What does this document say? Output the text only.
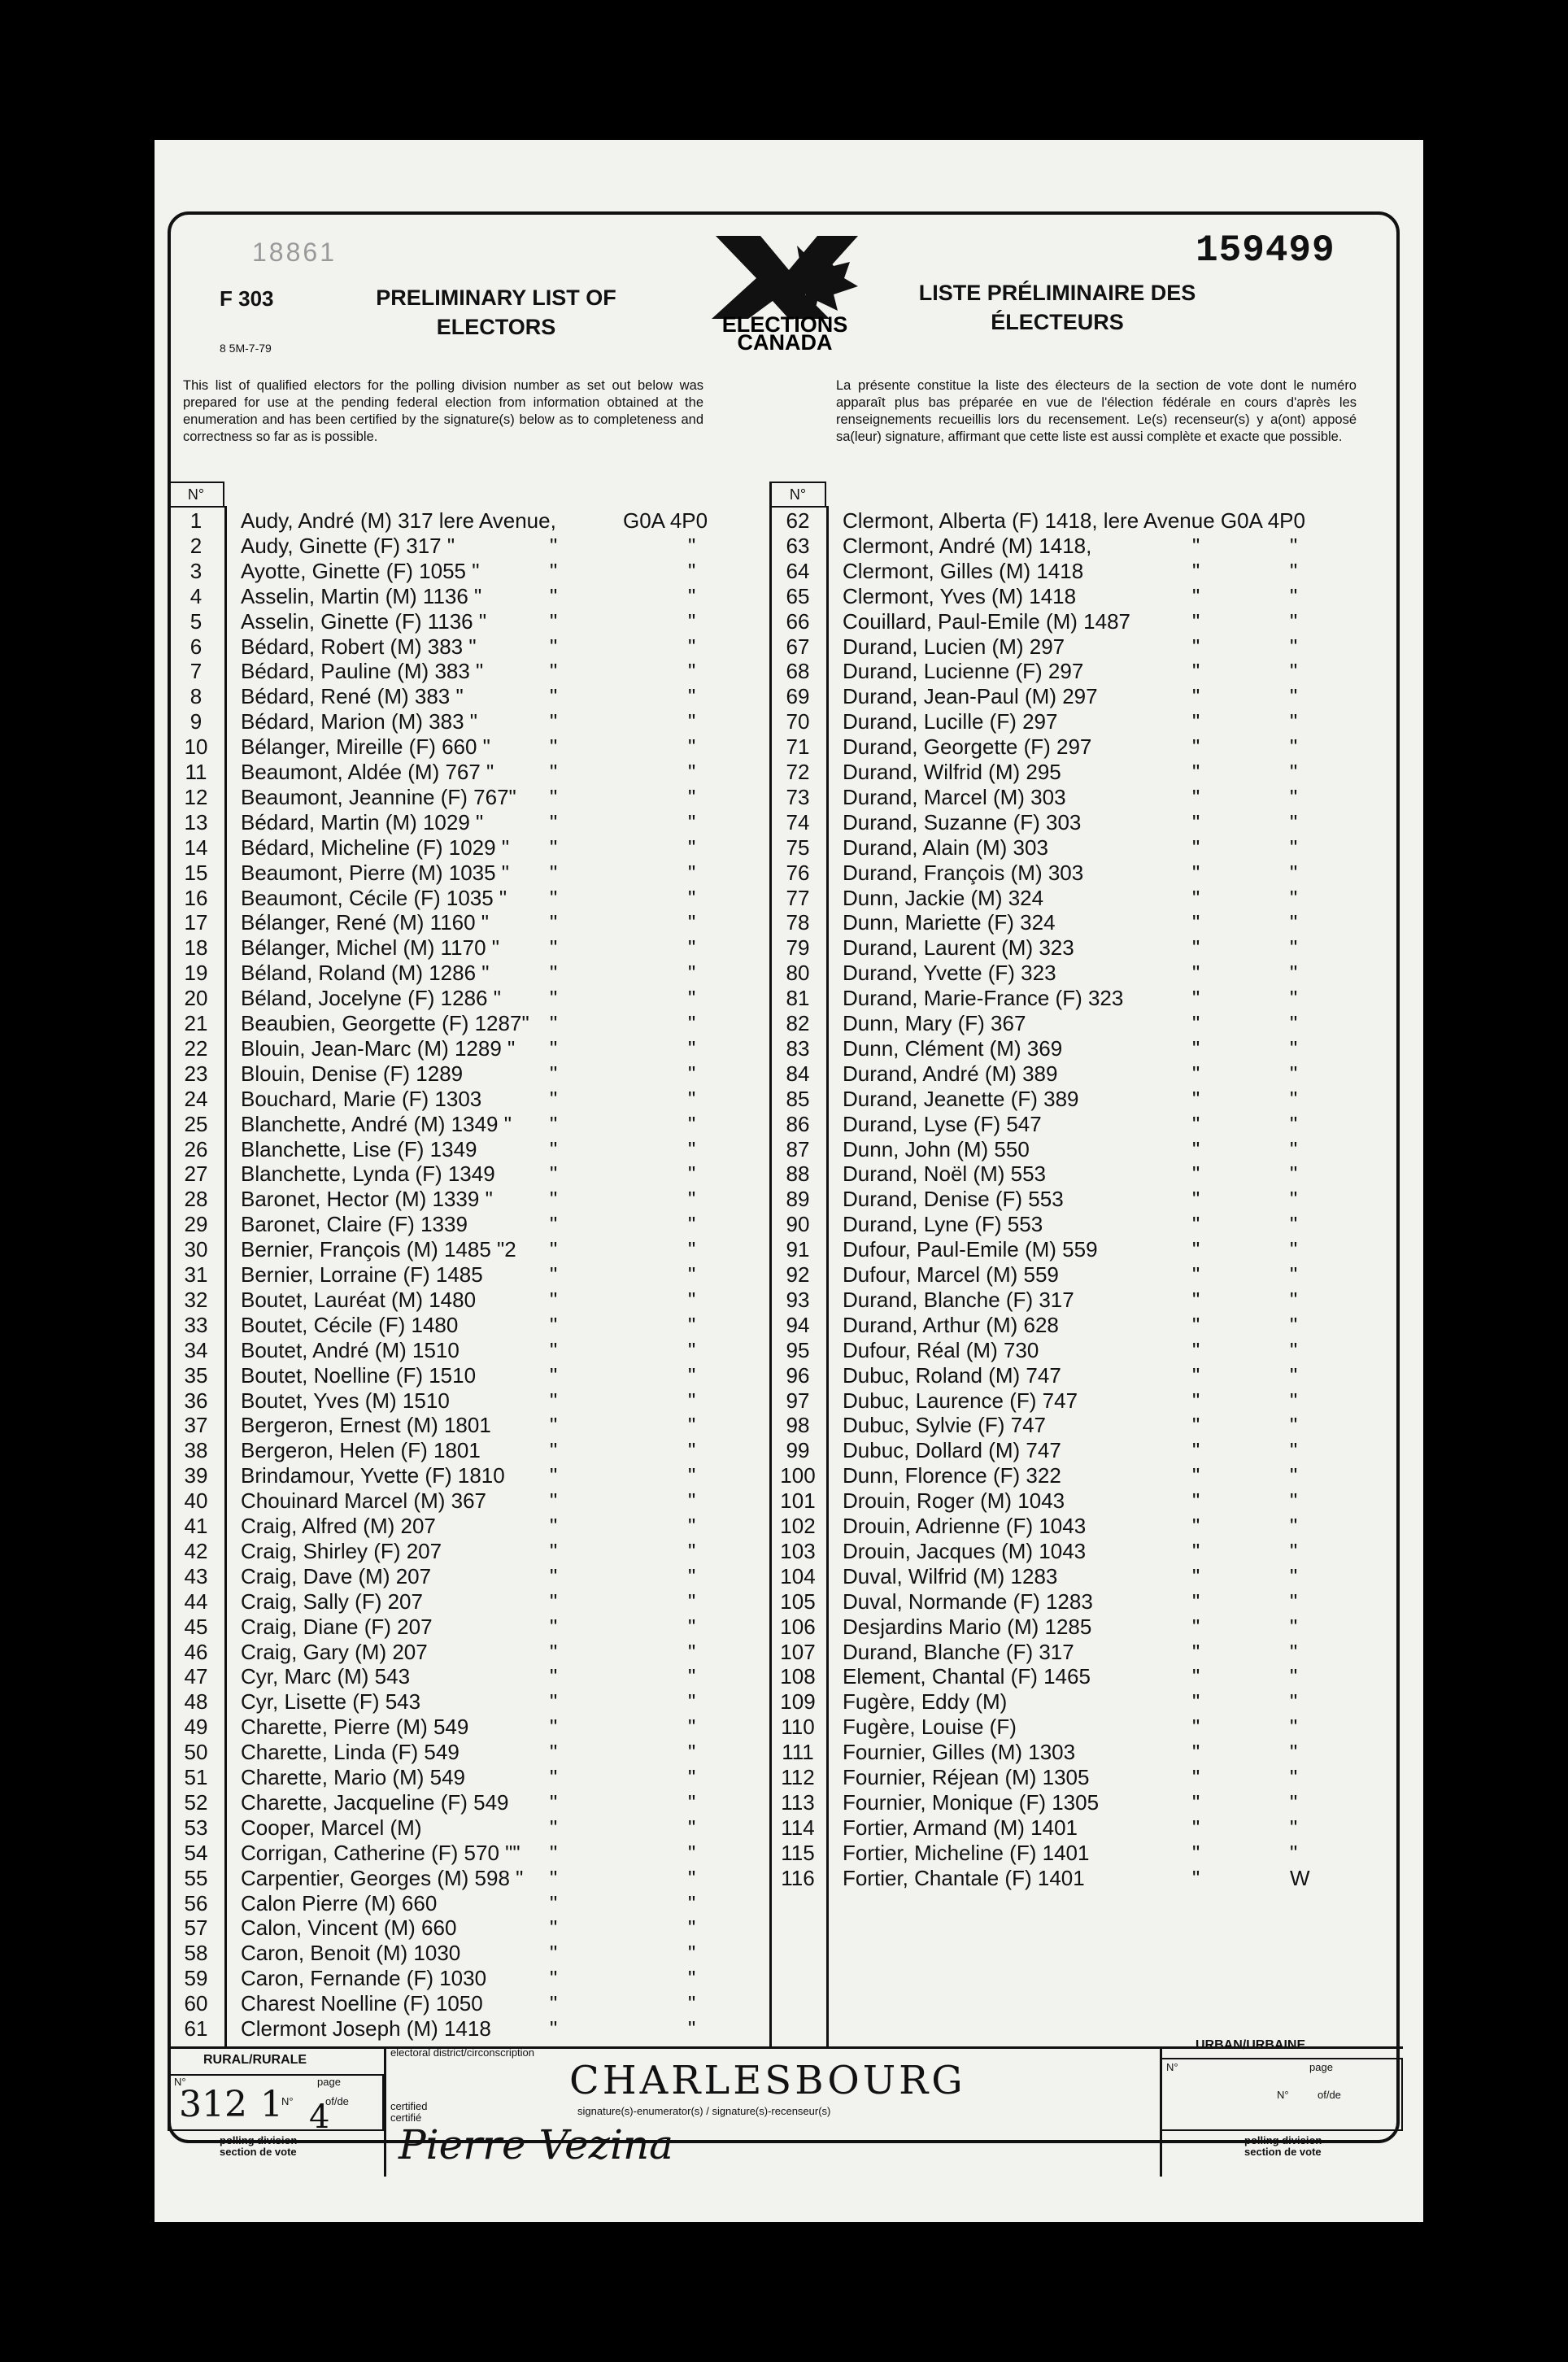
18861
F 303
8 5M-7-79
PRELIMINARY LIST OF ELECTORS
LISTE PRÉLIMINAIRE DES ÉLECTEURS
159499
ELECTIONS
CANADA
This list of qualified electors for the polling division number as set out below was prepared for use at the pending federal election from information obtained at the enumeration and has been certified by the signature(s) below as to completeness and correctness so far as is possible.
La présente constitue la liste des électeurs de la section de vote dont le numéro apparaît plus bas préparée en vue de l'élection fédérale en cours d'après les renseignements recueillis lors du recensement. Le(s) recenseur(s) y a(ont) apposé sa(leur) signature, affirmant que cette liste est aussi complète et exacte que possible.
N°	N°
1	Audy, André (M) 317 lere Avenue,	G0A 4P0
2	Audy, Ginette (F) 317 "	"	"
3	Ayotte, Ginette (F) 1055 "	"	"
4	Asselin, Martin (M) 1136 "	"	"
5	Asselin, Ginette (F) 1136 "	"	"
6	Bédard, Robert (M) 383 "	"	"
7	Bédard, Pauline (M) 383 "	"	"
8	Bédard, René (M) 383 "	"	"
9	Bédard, Marion (M) 383 "	"	"
10	Bélanger, Mireille (F) 660 "	"	"
11	Beaumont, Aldée (M) 767 "	"	"
12	Beaumont, Jeannine (F) 767" "	"
13	Bédard, Martin (M) 1029 "	"	"
14	Bédard, Micheline (F) 1029 " "	"
15	Beaumont, Pierre (M) 1035 " "	"
16	Beaumont, Cécile (F) 1035 " "	"
17	Bélanger, René (M) 1160 "	"	"
18	Bélanger, Michel (M) 1170 " "	"
19	Béland, Roland (M) 1286 "	"	"
20	Béland, Jocelyne (F) 1286 " "	"
21	Beaubien, Georgette (F) 1287" "	"
22	Blouin, Jean-Marc (M) 1289 " "	"
23	Blouin, Denise (F) 1289	"	"
24	Bouchard, Marie (F) 1303	"	"
25	Blanchette, André (M) 1349 " "	"
26	Blanchette, Lise (F) 1349	"	"
27	Blanchette, Lynda (F) 1349	"	"
28	Baronet, Hector (M) 1339 "	"	"
29	Baronet, Claire (F) 1339	"	"
30	Bernier, François (M) 1485 "2 "	"
31	Bernier, Lorraine (F) 1485	"	"
32	Boutet, Lauréat (M) 1480	"	"
33	Boutet, Cécile (F) 1480	"	"
34	Boutet, André (M) 1510	"	"
35	Boutet, Noelline (F) 1510	"	"
36	Boutet, Yves (M) 1510	"	"
37	Bergeron, Ernest (M) 1801	"	"
38	Bergeron, Helen (F) 1801	"	"
39	Brindamour, Yvette (F) 1810 "	"
40	Chouinard Marcel (M) 367	"	"
41	Craig, Alfred (M) 207	"	"
42	Craig, Shirley (F) 207	"	"
43	Craig, Dave (M) 207	"	"
44	Craig, Sally (F) 207	"	"
45	Craig, Diane (F) 207	"	"
46	Craig, Gary (M) 207	"	"
47	Cyr, Marc (M) 543	"	"
48	Cyr, Lisette (F) 543	"	"
49	Charette, Pierre (M) 549	"	"
50	Charette, Linda (F) 549	"	"
51	Charette, Mario (M) 549	"	"
52	Charette, Jacqueline (F) 549 "	"
53	Cooper, Marcel (M)	"	"
54	Corrigan, Catherine (F) 570 "" "	"
55	Carpentier, Georges (M) 598 " "	"
56	Calon Pierre (M) 660	"	"
57	Calon, Vincent (M) 660	"	"
58	Caron, Benoit (M) 1030	"	"
59	Caron, Fernande (F) 1030	"	"
60	Charest Noelline (F) 1050	"	"
61	Clermont Joseph (M) 1418	"	"
62	Clermont, Alberta (F) 1418, lere Avenue G0A 4P0
63	Clermont, André (M) 1418,	"	"
64	Clermont, Gilles (M) 1418	"	"
65	Clermont, Yves (M) 1418	"	"
66	Couillard, Paul-Emile (M) 1487	"	"
67	Durand, Lucien (M) 297	"	"
68	Durand, Lucienne (F) 297	"	"
69	Durand, Jean-Paul (M) 297	"	"
70	Durand, Lucille (F) 297	"	"
71	Durand, Georgette (F) 297	"	"
72	Durand, Wilfrid (M) 295	"	"
73	Durand, Marcel (M) 303	"	"
74	Durand, Suzanne (F) 303	"	"
75	Durand, Alain (M) 303	"	"
76	Durand, François (M) 303	"	"
77	Dunn, Jackie (M) 324	"	"
78	Dunn, Mariette (F) 324	"	"
79	Durand, Laurent (M) 323	"	"
80	Durand, Yvette (F) 323	"	"
81	Durand, Marie-France (F) 323	"	"
82	Dunn, Mary (F) 367	"	"
83	Dunn, Clément (M) 369	"	"
84	Durand, André (M) 389	"	"
85	Durand, Jeanette (F) 389	"	"
86	Durand, Lyse (F) 547	"	"
87	Dunn, John (M) 550	"	"
88	Durand, Noël (M) 553	"	"
89	Durand, Denise (F) 553	"	"
90	Durand, Lyne (F) 553	"	"
91	Dufour, Paul-Emile (M) 559	"	"
92	Dufour, Marcel (M) 559	"	"
93	Durand, Blanche (F) 317	"	"
94	Durand, Arthur (M) 628	"	"
95	Dufour, Réal (M) 730	"	"
96	Dubuc, Roland (M) 747	"	"
97	Dubuc, Laurence (F) 747	"	"
98	Dubuc, Sylvie (F) 747	"	"
99	Dubuc, Dollard (M) 747	"	"
100	Dunn, Florence (F) 322	"	"
101	Drouin, Roger (M) 1043	"	"
102	Drouin, Adrienne (F) 1043	"	"
103	Drouin, Jacques (M) 1043	"	"
104	Duval, Wilfrid (M) 1283	"	"
105	Duval, Normande (F) 1283	"	"
106	Desjardins Mario (M) 1285	"	"
107	Durand, Blanche (F) 317	"	"
108	Element, Chantal (F) 1465	"	"
109	Fugère, Eddy (M)	"	"
110	Fugère, Louise (F)	"	"
111	Fournier, Gilles (M) 1303	"	"
112	Fournier, Réjean (M) 1305	"	"
113	Fournier, Monique (F) 1305	"	"
114	Fortier, Armand (M) 1401	"	"
115	Fortier, Micheline (F) 1401	"	"
116	Fortier, Chantale (F) 1401	"	W
RURAL/RURALE
URBAN/URBAINE
electoral district/circonscription
CHARLESBOURG
N°	page
312 1
N°	of/de
4
polling division
section de vote
certified
certifié
signature(s)-enumerator(s) / signature(s)-recenseur(s)
Pierre Vezina
N°	page
N°	of/de
polling division
section de vote
